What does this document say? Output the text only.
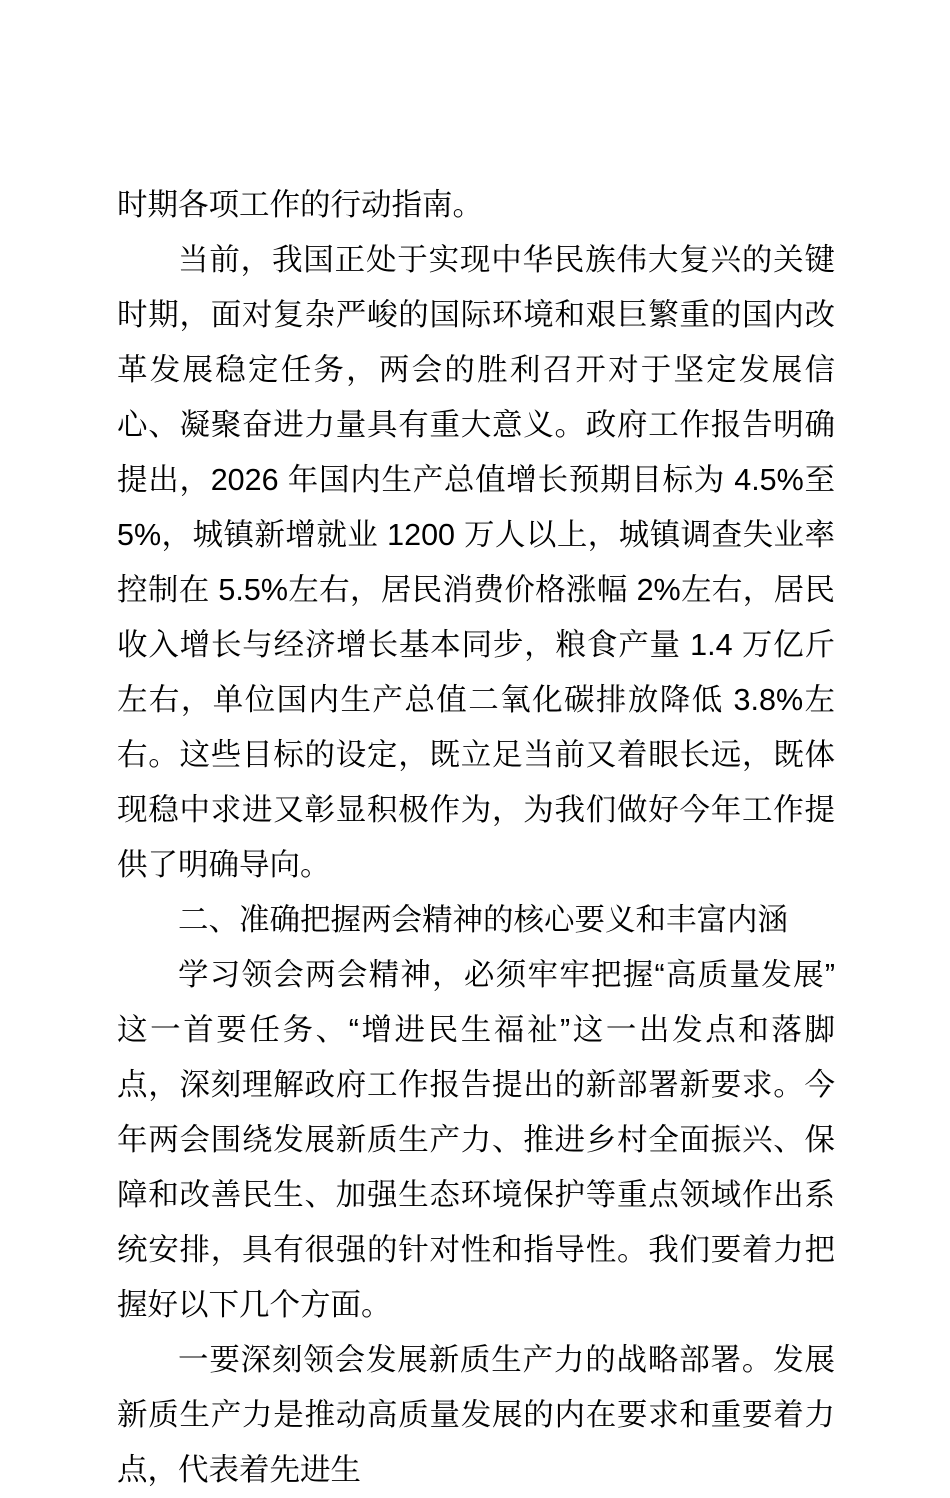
时期各项工作的行动指南。

当前，我国正处于实现中华民族伟大复兴的关键时期，面对复杂严峻的国际环境和艰巨繁重的国内改革发展稳定任务，两会的胜利召开对于坚定发展信心、凝聚奋进力量具有重大意义。政府工作报告明确提出，2026 年国内生产总值增长预期目标为 4.5%至 5%，城镇新增就业 1200 万人以上，城镇调查失业率控制在 5.5%左右，居民消费价格涨幅 2%左右，居民收入增长与经济增长基本同步，粮食产量 1.4 万亿斤左右，单位国内生产总值二氧化碳排放降低 3.8%左右。这些目标的设定，既立足当前又着眼长远，既体现稳中求进又彰显积极作为，为我们做好今年工作提供了明确导向。

二、准确把握两会精神的核心要义和丰富内涵

学习领会两会精神，必须牢牢把握“高质量发展”这一首要任务、“增进民生福祉”这一出发点和落脚点，深刻理解政府工作报告提出的新部署新要求。今年两会围绕发展新质生产力、推进乡村全面振兴、保障和改善民生、加强生态环境保护等重点领域作出系统安排，具有很强的针对性和指导性。我们要着力把握好以下几个方面。

一要深刻领会发展新质生产力的战略部署。发展新质生产力是推动高质量发展的内在要求和重要着力点，代表着先进生
